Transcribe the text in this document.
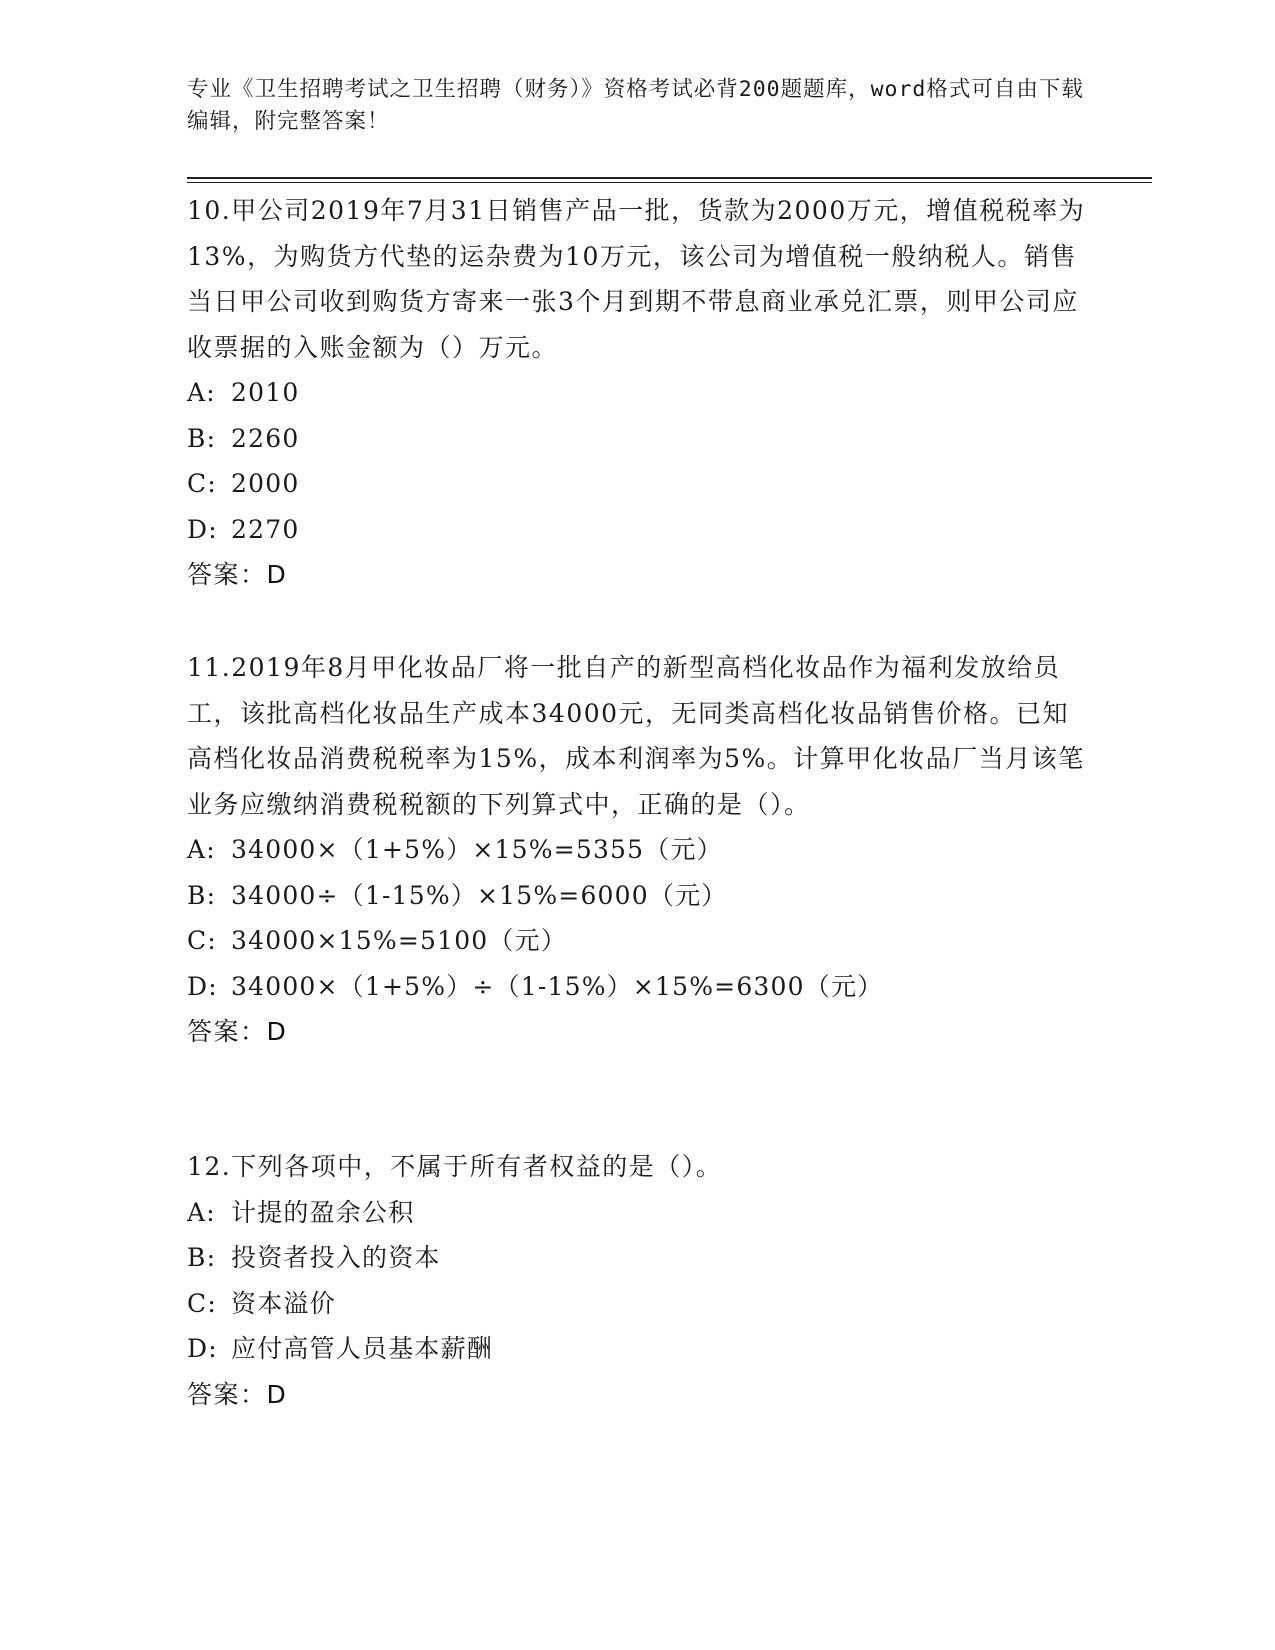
专业《卫生招聘考试之卫生招聘（财务）》资格考试必背200题题库，word格式可自由下载编辑，附完整答案！

10.甲公司2019年7月31日销售产品一批，货款为2000万元，增值税税率为13%，为购货方代垫的运杂费为10万元，该公司为增值税一般纳税人。销售当日甲公司收到购货方寄来一张3个月到期不带息商业承兑汇票，则甲公司应收票据的入账金额为（）万元。

A: 2010
B: 2260
C: 2000
D: 2270
答案：D

11.2019年8月甲化妆品厂将一批自产的新型高档化妆品作为福利发放给员工，该批高档化妆品生产成本34000元，无同类高档化妆品销售价格。已知高档化妆品消费税税率为15%，成本利润率为5%。计算甲化妆品厂当月该笔业务应缴纳消费税税额的下列算式中，正确的是（）。

A: 34000×（1+5%）×15%=5355（元）
B: 34000÷（1-15%）×15%=6000（元）
C: 34000×15%=5100（元）
D: 34000×（1+5%）÷（1-15%）×15%=6300（元）
答案：D

12.下列各项中，不属于所有者权益的是（）。

A: 计提的盈余公积
B: 投资者投入的资本
C: 资本溢价
D: 应付高管人员基本薪酬
答案：D
